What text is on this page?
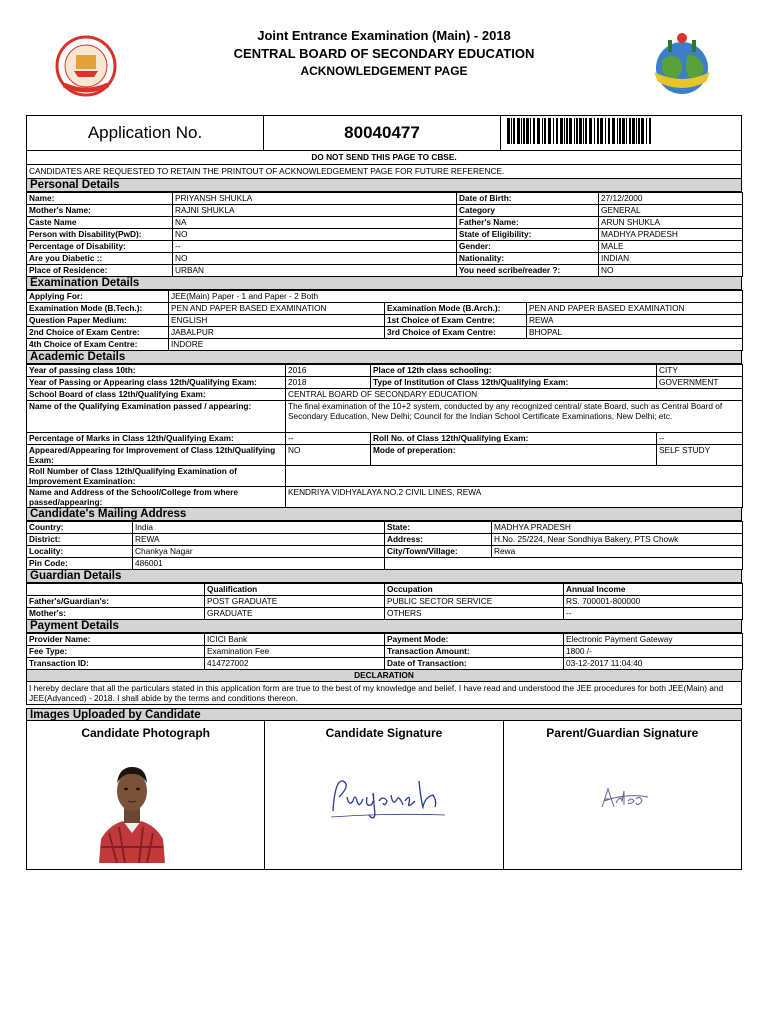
Joint Entrance Examination (Main) - 2018
CENTRAL BOARD OF SECONDARY EDUCATION
ACKNOWLEDGEMENT PAGE
Application No.	80040477
DO NOT SEND THIS PAGE TO CBSE.
CANDIDATES ARE REQUESTED TO RETAIN THE PRINTOUT OF ACKNOWLEDGEMENT PAGE FOR FUTURE REFERENCE.
Personal Details
Name:	PRIYANSH SHUKLA	Date of Birth:	27/12/2000
Mother's Name:	RAJNI SHUKLA	Category	GENERAL
Caste Name	NA	Father's Name:	ARUN SHUKLA
Person with Disability(PwD):	NO	State of Eligibility:	MADHYA PRADESH
Percentage of Disability:	--	Gender:	MALE
Are you Diabetic ::	NO	Nationality:	INDIAN
Place of Residence:	URBAN	You need scribe/reader ?:	NO
Examination Details
Applying For:	JEE(Main) Paper - 1 and Paper - 2 Both		
Examination Mode (B.Tech.):	PEN AND PAPER BASED EXAMINATION	Examination Mode (B.Arch.):	PEN AND PAPER BASED EXAMINATION
Question Paper Medium:	ENGLISH	1st Choice of Exam Centre:	REWA
2nd Choice of Exam Centre:	JABALPUR	3rd Choice of Exam Centre:	BHOPAL
4th Choice of Exam Centre:	INDORE		
Academic Details
Year of passing class 10th:	2016	Place of 12th class schooling:	CITY
Year of Passing or Appearing class 12th/Qualifying Exam:	2018	Type of Institution of Class 12th/Qualifying Exam:	GOVERNMENT
School Board of class 12th/Qualifying Exam:	CENTRAL BOARD OF SECONDARY EDUCATION		
Name of the Qualifying Examination passed / appearing:	The final examination of the 10+2 system, conducted by any recognized central/ state Board, such as Central Board of Secondary Education, New Delhi; Council for the Indian School Certificate Examinations, New Delhi; etc.		
Percentage of Marks in Class 12th/Qualifying Exam:	--	Roll No. of Class 12th/Qualifying Exam:	--
Appeared/Appearing for Improvement of Class 12th/Qualifying Exam:	NO	Mode of preperation:	SELF STUDY
Roll Number of Class 12th/Qualifying Examination of Improvement Examination:			
Name and Address of the School/College from where passed/appearing:	KENDRIYA VIDHYALAYA NO.2 CIVIL LINES, REWA		
Candidate's Mailing Address
Country:	India	State:	MADHYA PRADESH
District:	REWA	Address:	H.No. 25/224, Near Sondhiya Bakery, PTS Chowk
Locality:	Chankya Nagar	City/Town/Village:	Rewa
Pin Code:	486001		
Guardian Details
	Qualification	Occupation	Annual Income
Father's/Guardian's:	POST GRADUATE	PUBLIC SECTOR SERVICE	RS. 700001-800000
Mother's:	GRADUATE	OTHERS	--
Payment Details
Provider Name:	ICICI Bank	Payment Mode:	Electronic Payment Gateway
Fee Type:	Examination Fee	Transaction Amount:	1800 /-
Transaction ID:	414727002	Date of Transaction:	03-12-2017 11:04:40
DECLARATION
I hereby declare that all the particulars stated in this application form are true to the best of my knowledge and belief. I have read and understood the JEE procedures for both JEE(Main) and JEE(Advanced) - 2018. I shall abide by the terms and conditions thereon.
Images Uploaded by Candidate
Candidate Photograph	Candidate Signature	Parent/Guardian Signature
